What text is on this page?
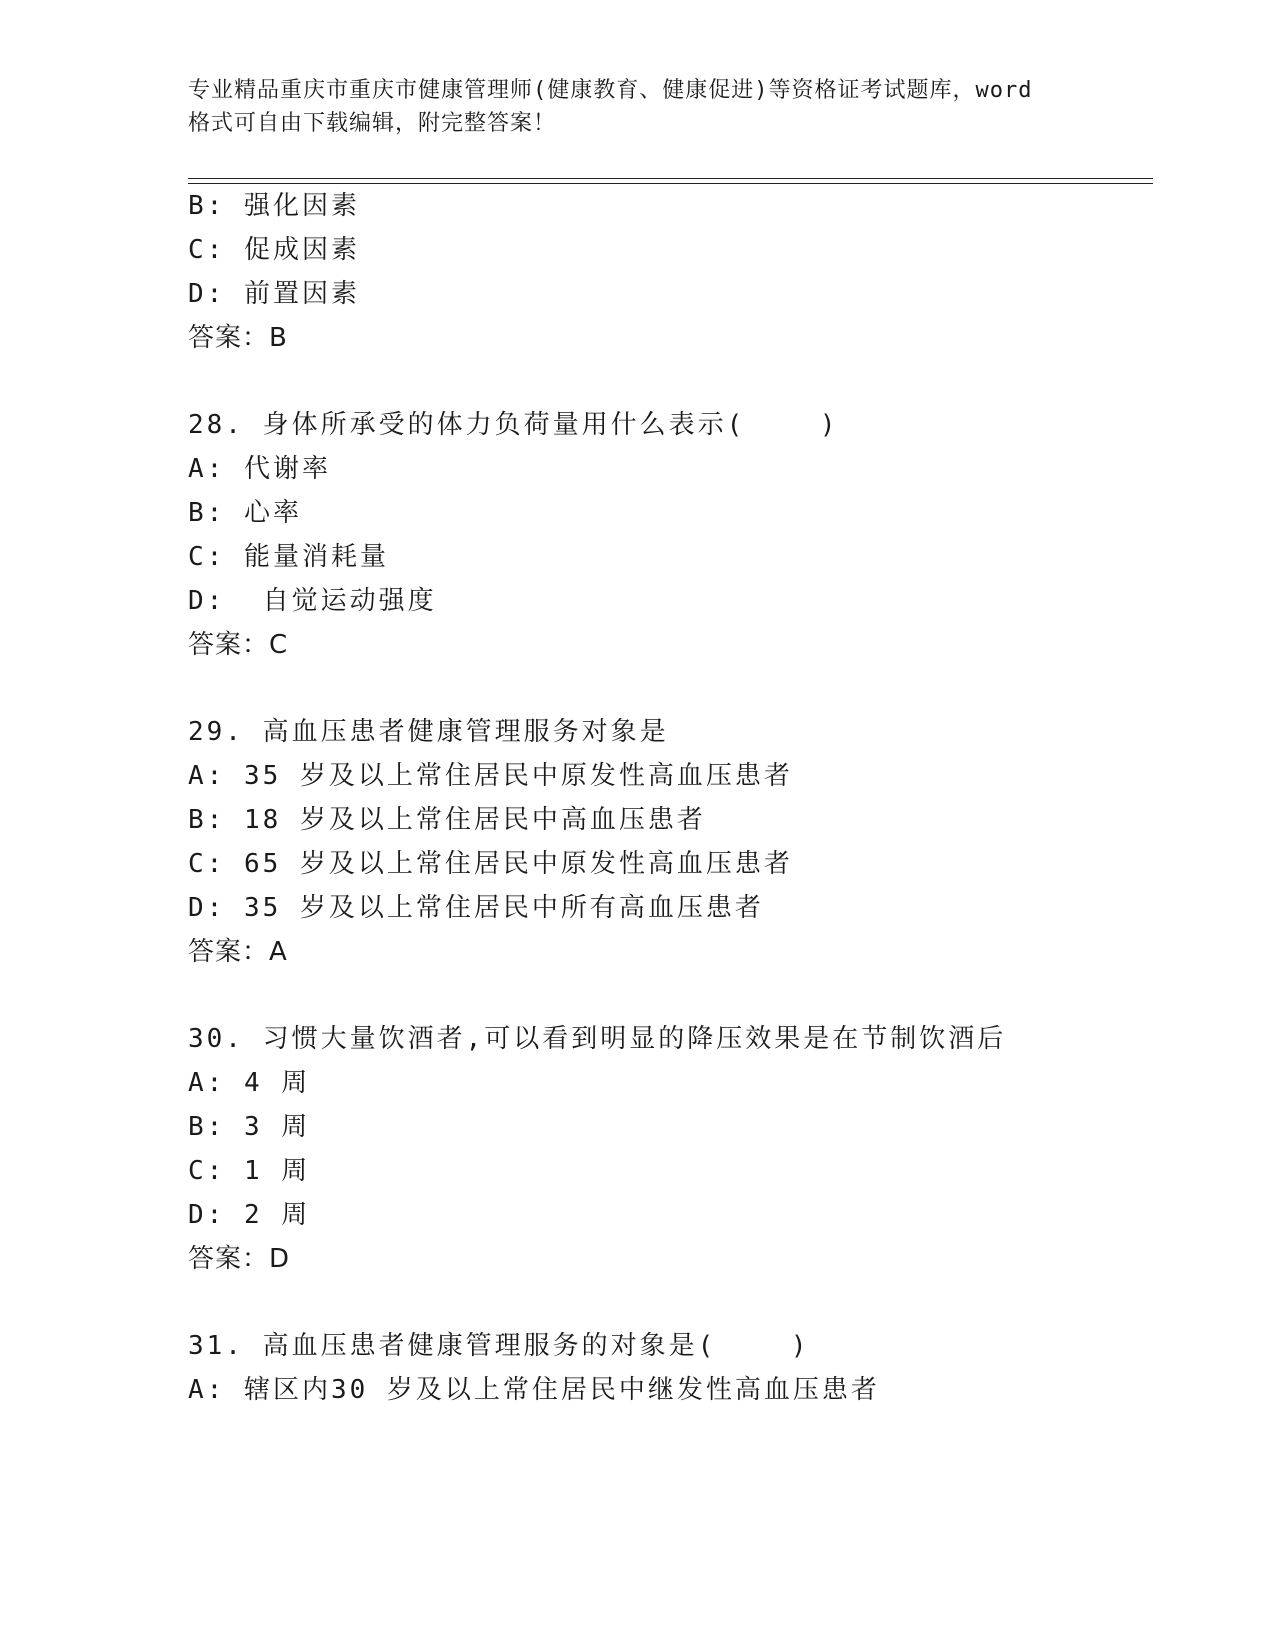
专业精品重庆市重庆市健康管理师(健康教育、健康促进)等资格证考试题库，word
格式可自由下载编辑，附完整答案！
B: 强化因素
C: 促成因素
D: 前置因素
答案：B
28. 身体所承受的体力负荷量用什么表示(    )
A: 代谢率
B: 心率
C: 能量消耗量
D:  自觉运动强度
答案：C
29. 高血压患者健康管理服务对象是
A: 35 岁及以上常住居民中原发性高血压患者
B: 18 岁及以上常住居民中高血压患者
C: 65 岁及以上常住居民中原发性高血压患者
D: 35 岁及以上常住居民中所有高血压患者
答案：A
30. 习惯大量饮酒者,可以看到明显的降压效果是在节制饮酒后
A: 4 周
B: 3 周
C: 1 周
D: 2 周
答案：D
31. 高血压患者健康管理服务的对象是(    )
A: 辖区内30 岁及以上常住居民中继发性高血压患者
